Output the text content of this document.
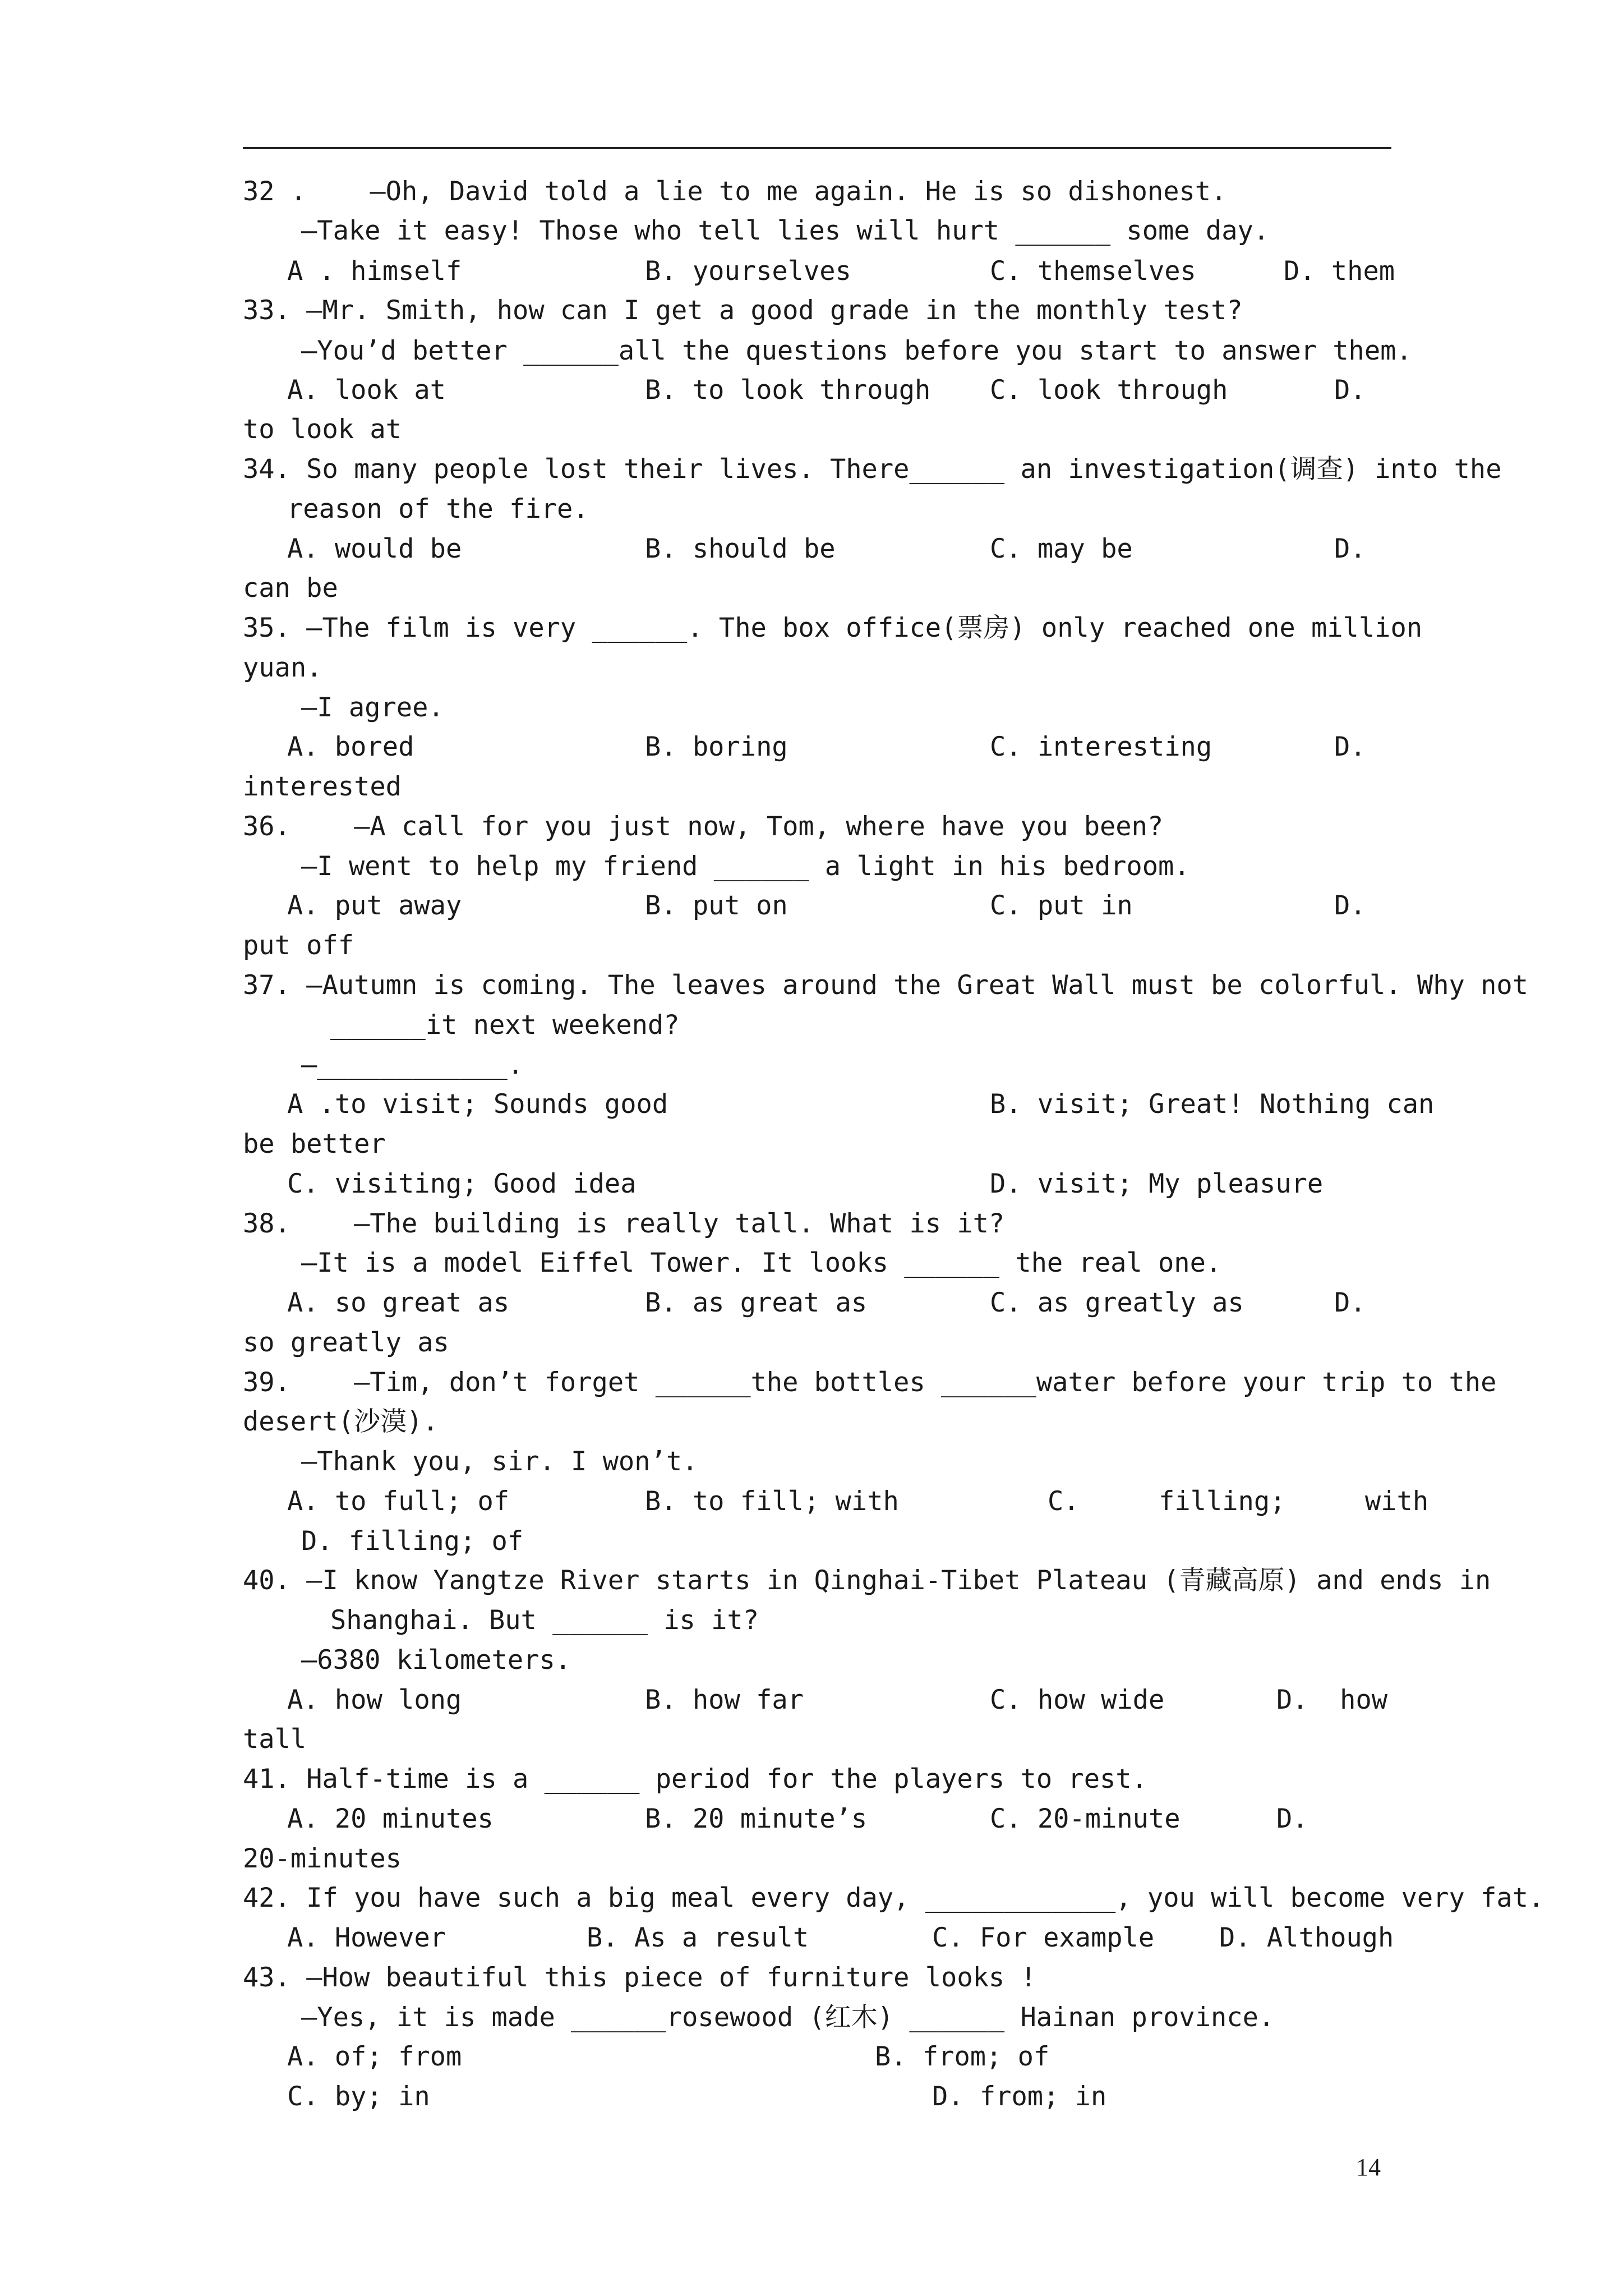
32 .    —Oh, David told a lie to me again. He is so dishonest.
—Take it easy! Those who tell lies will hurt ______ some day.
A . himself	B. yourselves	C. themselves	D. them
33. —Mr. Smith, how can I get a good grade in the monthly test?
—You’d better ______all the questions before you start to answer them.
A. look at	B. to look through C. look through	D.
to look at
34. So many people lost their lives. There______ an investigation(调查) into the
reason of the fire.
A. would be	B. should be	C. may be	D.
can be
35. —The film is very ______. The box office(票房) only reached one million
yuan.
—I agree.
A. bored	B. boring	C. interesting	D.
interested
36.    —A call for you just now, Tom, where have you been?
—I went to help my friend ______ a light in his bedroom.
A. put away	B. put on	C. put in	D.
put off
37. —Autumn is coming. The leaves around the Great Wall must be colorful. Why not
______it next weekend?
—____________.
A .to visit; Sounds good	B. visit; Great! Nothing can
be better
C. visiting; Good idea	D. visit; My pleasure
38.    —The building is really tall. What is it?
—It is a model Eiffel Tower. It looks ______ the real one.
A. so great as	B. as great as	C. as greatly as	D.
so greatly as
39.    —Tim, don’t forget ______the bottles ______water before your trip to the
desert(沙漠).
—Thank you, sir. I won’t.
A. to full; of	B. to fill; with	C.     filling;     with
D. filling; of
40. —I know Yangtze River starts in Qinghai-Tibet Plateau (青藏高原) and ends in
Shanghai. But ______ is it?
—6380 kilometers.
A. how long	B. how far	C. how wide	D.  how
tall
41. Half-time is a ______ period for the players to rest.
A. 20 minutes	B. 20 minute’s	C. 20-minute	D.
20-minutes
42. If you have such a big meal every day, ____________, you will become very fat.
A. However	B. As a result	C. For example D. Although
43. —How beautiful this piece of furniture looks !
—Yes, it is made ______rosewood (红木) ______ Hainan province.
A. of; from	B. from; of
C. by; in	D. from; in
14
